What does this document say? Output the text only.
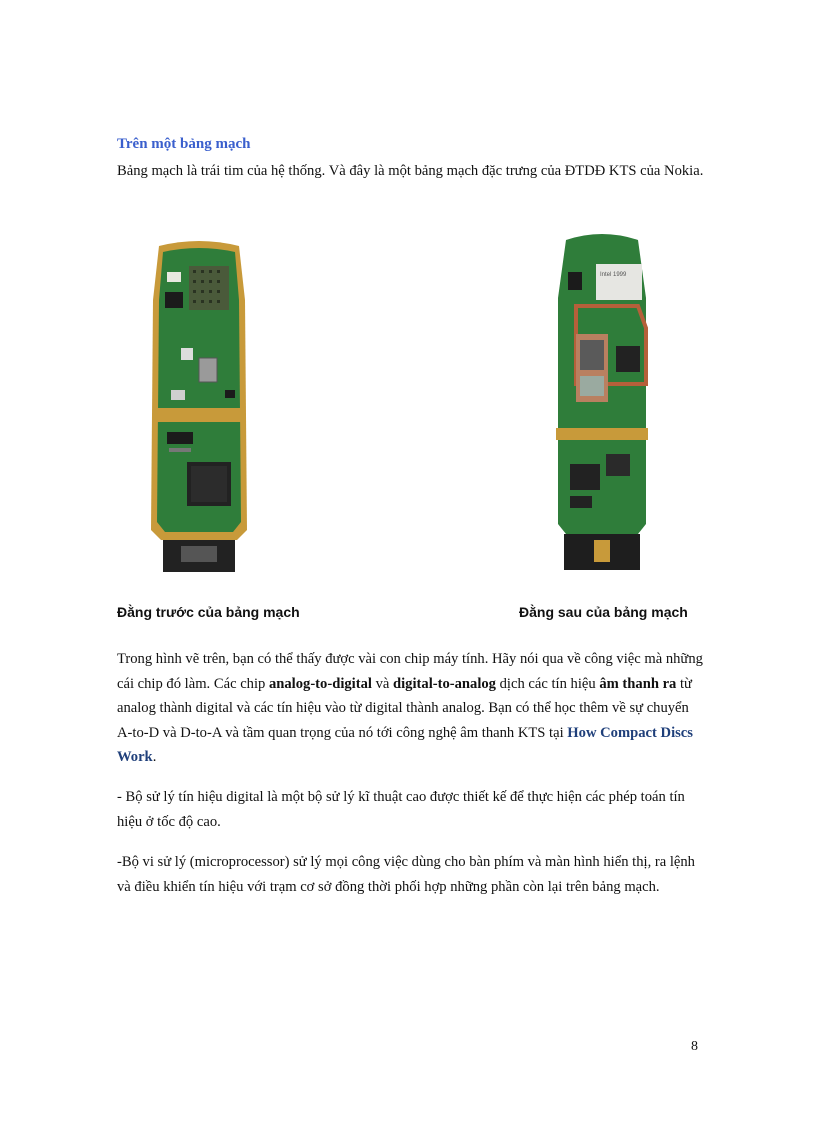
Trên một bảng mạch

Bảng mạch là trái tim của hệ thống. Và đây là một bảng mạch đặc trưng của ĐTDĐ KTS của Nokia.

Intel 1999

Đằng trước của bảng mạch	Đằng sau của bảng mạch

Trong hình vẽ trên, bạn có thể thấy được vài con chip máy tính. Hãy nói qua về công việc mà những cái chip đó làm. Các chip analog-to-digital và digital-to-analog dịch các tín hiệu âm thanh ra từ analog thành digital và các tín hiệu vào từ digital thành analog. Bạn có thể học thêm về sự chuyển A-to-D và D-to-A và tầm quan trọng của nó tới công nghệ âm thanh KTS tại How Compact Discs Work.

- Bộ sử lý tín hiệu digital là một bộ sử lý kĩ thuật cao được thiết kế để thực hiện các phép toán tín hiệu ở tốc độ cao.

-Bộ vi sử lý (microprocessor) sử lý mọi công việc dùng cho bàn phím và màn hình hiển thị, ra lệnh và điều khiển tín hiệu với trạm cơ sở đồng thời phối hợp những phần còn lại trên bảng mạch.

8
